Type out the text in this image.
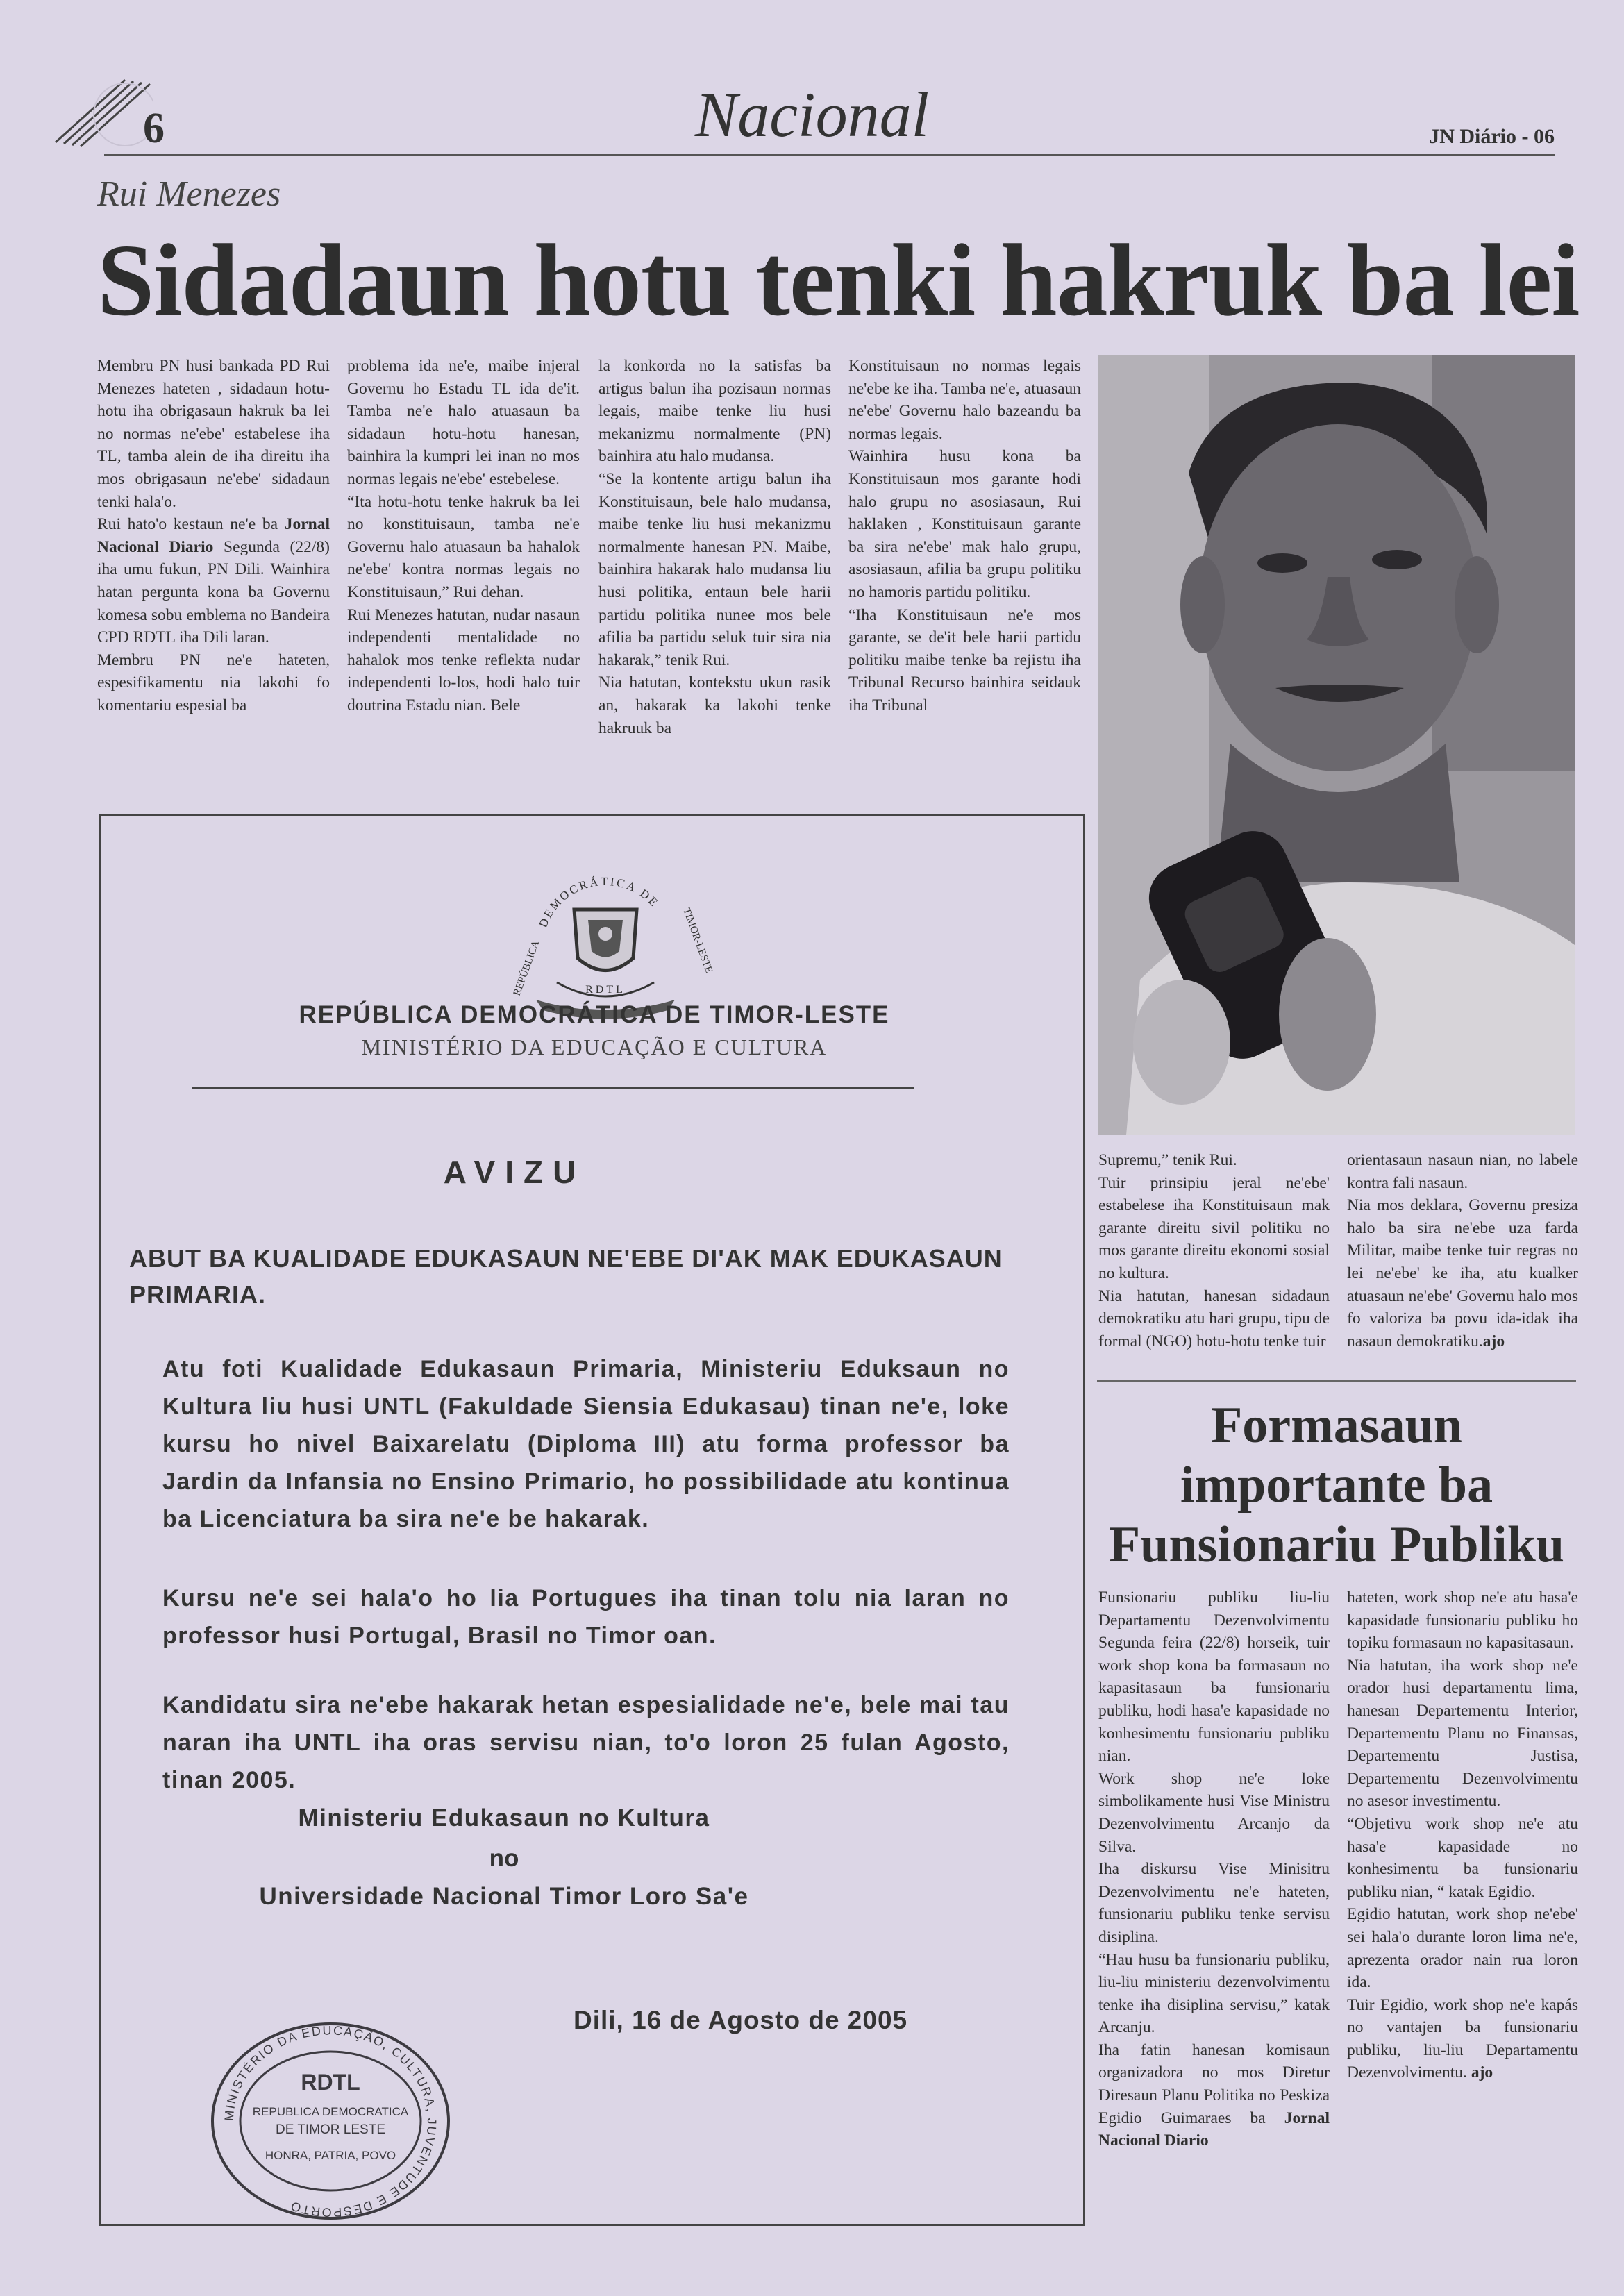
6	Nacional	JN Diário - 06
Rui Menezes
Sidadaun hotu tenki hakruk ba lei

Membru PN husi bankada PD Rui Menezes hateten , sidadaun hotu-hotu iha obrigasaun hakruk ba lei no normas ne'ebe' estabelese iha TL, tamba alein de iha direitu iha mos obrigasaun ne'ebe' sidadaun tenki hala'o.

Rui hato'o kestaun ne'e ba Jornal Nacional Diario Segunda (22/8) iha umu fukun, PN Dili. Wainhira hatan pergunta kona ba Governu komesa sobu emblema no Bandeira CPD RDTL iha Dili laran.

Membru PN ne'e hateten, espesifikamentu nia lakohi fo komentariu espesial ba

problema ida ne'e, maibe injeral Governu ho Estadu TL ida de'it. Tamba ne'e halo atuasaun ba sidadaun hotu-hotu hanesan, bainhira la kumpri lei inan no mos normas legais ne'ebe' estebelese.

“Ita hotu-hotu tenke hakruk ba lei no konstituisaun, tamba ne'e Governu halo atuasaun ba hahalok ne'ebe' kontra normas legais no Konstituisaun,” Rui dehan.

Rui Menezes hatutan, nudar nasaun independenti mentalidade no hahalok mos tenke reflekta nudar independenti lo-los, hodi halo tuir doutrina Estadu nian. Bele

la konkorda no la satisfas ba artigus balun iha pozisaun normas legais, maibe tenke liu husi mekanizmu normalmente (PN) bainhira atu halo mudansa.

“Se la kontente artigu balun iha Konstituisaun, bele halo mudansa, maibe tenke liu husi mekanizmu normalmente hanesan PN. Maibe, bainhira hakarak halo mudansa liu husi politika, entaun bele harii partidu politika nunee mos bele afilia ba partidu seluk tuir sira nia hakarak,” tenik Rui.

Nia hatutan, kontekstu ukun rasik an, hakarak ka lakohi tenke hakruuk ba

Konstituisaun no normas legais ne'ebe ke iha. Tamba ne'e, atuasaun ne'ebe' Governu halo bazeandu ba normas legais.

Wainhira husu kona ba Konstituisaun mos garante hodi halo grupu no asosiasaun, Rui haklaken , Konstituisaun garante ba sira ne'ebe' mak halo grupu, asosiasaun, afilia ba grupu politiku no hamoris partidu politiku.

“Iha Konstituisaun ne'e mos garante, se de'it bele harii partidu politiku maibe tenke ba rejistu iha Tribunal Recurso bainhira seidauk iha Tribunal

Supremu,” tenik Rui.

Tuir prinsipiu jeral ne'ebe' estabelese iha Konstituisaun mak garante direitu sivil politiku no mos garante direitu ekonomi sosial no kultura.

Nia hatutan, hanesan sidadaun demokratiku atu hari grupu, tipu de formal (NGO) hotu-hotu tenke tuir

orientasaun nasaun nian, no labele kontra fali nasaun.

Nia mos deklara, Governu presiza halo ba sira ne'ebe uza farda Militar, maibe tenke tuir regras no lei ne'ebe' ke iha, atu kualker atuasaun ne'ebe' Governu halo mos fo valoriza ba povu ida-idak iha nasaun demokratiku.ajo

Formasaun importante ba Funsionariu Publiku

Funsionariu publiku liu-liu Departamentu Dezenvolvimentu Segunda feira (22/8) horseik, tuir work shop kona ba formasaun no kapasitasaun ba funsionariu publiku, hodi hasa'e kapasidade no konhesimentu funsionariu publiku nian.

Work shop ne'e loke simbolikamente husi Vise Ministru Dezenvolvimentu Arcanjo da Silva.

Iha diskursu Vise Minisitru Dezenvolvimentu ne'e hateten, funsionariu publiku tenke servisu disiplina.

“Hau husu ba funsionariu publiku, liu-liu ministeriu dezenvolvimentu tenke iha disiplina servisu,” katak Arcanju.

Iha fatin hanesan komisaun organizadora no mos Diretur Diresaun Planu Politika no Peskiza Egidio Guimaraes ba Jornal Nacional Diario

hateten, work shop ne'e atu hasa'e kapasidade funsionariu publiku ho topiku formasaun no kapasitasaun.

Nia hatutan, iha work shop ne'e orador husi departamentu lima, hanesan Departementu Interior, Departementu Planu no Finansas, Departementu Justisa, Departementu Dezenvolvimentu no asesor investimentu.

“Objetivu work shop ne'e atu hasa'e kapasidade no konhesimentu ba funsionariu publiku nian, “ katak Egidio.

Egidio hatutan, work shop ne'ebe' sei hala'o durante loron lima ne'e, aprezenta orador nain rua loron ida.

Tuir Egidio, work shop ne'e kapás no vantajen ba funsionariu publiku, liu-liu Departamentu Dezenvolvimentu. ajo

DEMOCRÁTICA DE
REPÚBLICA	TIMOR-LESTE
RDTL
REPÚBLICA DEMOCRÁTICA DE TIMOR-LESTE
MINISTÉRIO DA EDUCAÇÃO E CULTURA
AVIZU
ABUT BA KUALIDADE EDUKASAUN NE'EBE DI'AK MAK EDUKASAUN PRIMARIA.
Atu foti Kualidade Edukasaun Primaria, Ministeriu Eduksaun no Kultura liu husi UNTL (Fakuldade Siensia Edukasau) tinan ne'e, loke kursu ho nivel Baixarelatu (Diploma III) atu forma professor ba Jardin da Infansia no Ensino Primario, ho possibilidade atu kontinua ba Licenciatura ba sira ne'e be hakarak.
Kursu ne'e sei hala'o ho lia Portugues iha tinan tolu nia laran no professor husi Portugal, Brasil no Timor oan.
Kandidatu sira ne'ebe hakarak hetan espesialidade ne'e, bele mai tau naran iha UNTL iha oras servisu nian, to'o loron 25 fulan Agosto, tinan 2005.
Ministeriu Edukasaun no Kultura
no
Universidade Nacional Timor Loro Sa'e
Dili, 16 de Agosto de 2005
MINISTÉRIO DA EDUCAÇÃO, CULTURA, JUVENTUDE E DESPORTO
RDTL
REPUBLICA DEMOCRATICA
DE TIMOR LESTE
HONRA, PATRIA, POVO
